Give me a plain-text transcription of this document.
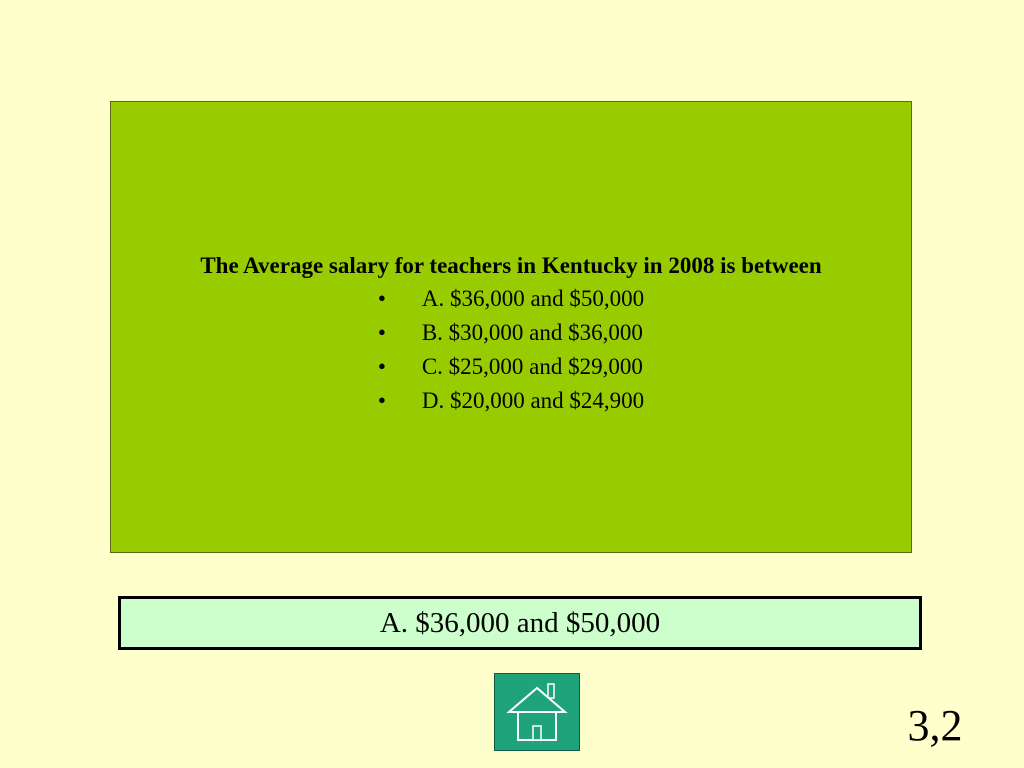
The Average salary for teachers in Kentucky in 2008 is between

•	A. $36,000 and $50,000
•	B. $30,000 and $36,000
•	C. $25,000 and $29,000
•	D. $20,000 and $24,900
A. $36,000 and $50,000
3,2
